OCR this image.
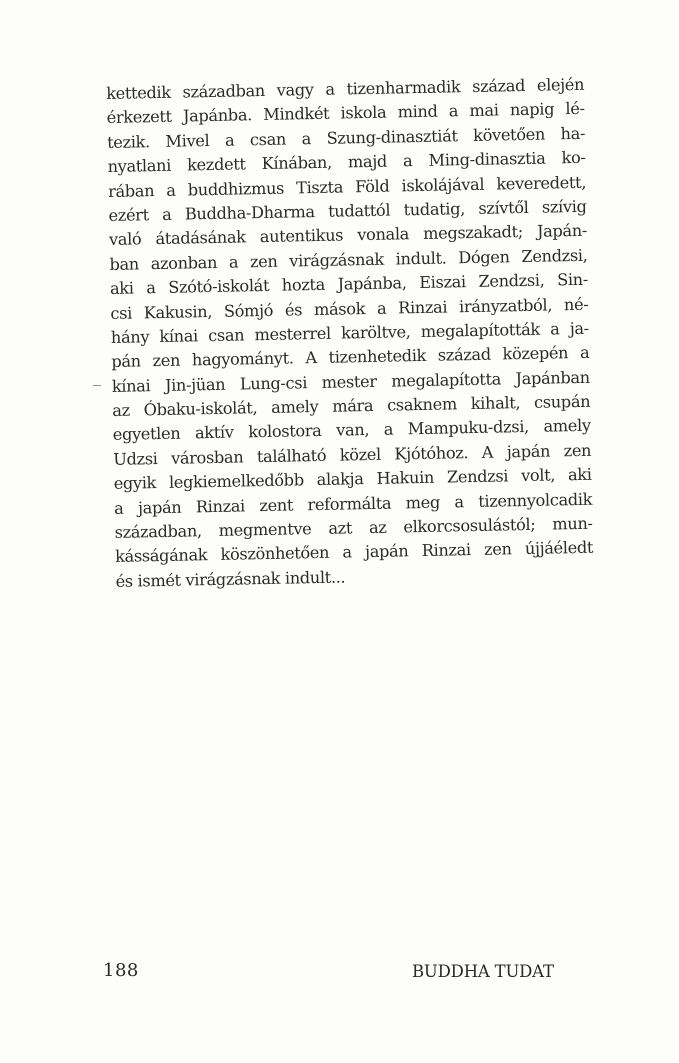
kettedik században vagy a tizenharmadik század elején
érkezett Japánba. Mindkét iskola mind a mai napig lé-
tezik. Mivel a csan a Szung-dinasztiát követően ha-
nyatlani kezdett Kínában, majd a Ming-dinasztia ko-
rában a buddhizmus Tiszta Föld iskolájával keveredett,
ezért a Buddha-Dharma tudattól tudatig, szívtől szívig
való átadásának autentikus vonala megszakadt; Japán-
ban azonban a zen virágzásnak indult. Dógen Zendzsi,
aki a Szótó-iskolát hozta Japánba, Eiszai Zendzsi, Sin-
csi Kakusin, Sómjó és mások a Rinzai irányzatból, né-
hány kínai csan mesterrel karöltve, megalapították a ja-
pán zen hagyományt. A tizenhetedik század közepén a
kínai Jin-jüan Lung-csi mester megalapította Japánban
az Óbaku-iskolát, amely mára csaknem kihalt, csupán
egyetlen aktív kolostora van, a Mampuku-dzsi, amely
Udzsi városban található közel Kjótóhoz. A japán zen
egyik legkiemelkedőbb alakja Hakuin Zendzsi volt, aki
a japán Rinzai zent reformálta meg a tizennyolcadik
században, megmentve azt az elkorcsosulástól; mun-
kásságának köszönhetően a japán Rinzai zen újjáéledt
és ismét virágzásnak indult...
188	BUDDHA TUDAT
